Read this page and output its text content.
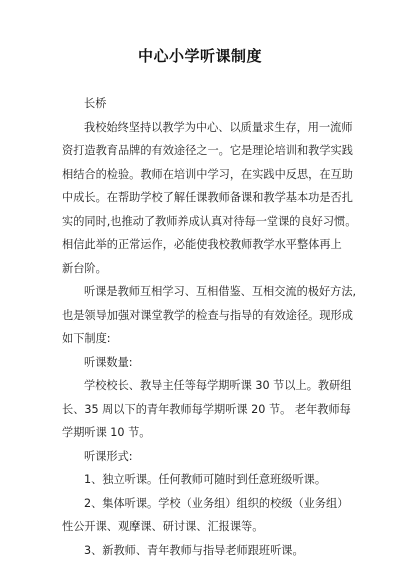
中心小学听课制度
长桥
我校始终坚持以教学为中心、以质量求生存，用一流师
资打造教育品牌的有效途径之一。它是理论培训和教学实践
相结合的检验。教师在培训中学习，在实践中反思，在互助
中成长。在帮助学校了解任课教师备课和教学基本功是否扎
实的同时,也推动了教师养成认真对待每一堂课的良好习惯。
相信此举的正常运作，必能使我校教师教学水平整体再上
新台阶。
听课是教师互相学习、互相借鉴、互相交流的极好方法,
也是领导加强对课堂教学的检查与指导的有效途径。现形成
如下制度:
听课数量:
学校校长、教导主任等每学期听课 30 节以上。教研组
长、35 周以下的青年教师每学期听课 20 节。 老年教师每
学期听课 10 节。
听课形式:
1、独立听课。任何教师可随时到任意班级听课。
2、集体听课。学校（业务组）组织的校级（业务组）
性公开课、观摩课、研讨课、汇报课等。
3、新教师、青年教师与指导老师跟班听课。
